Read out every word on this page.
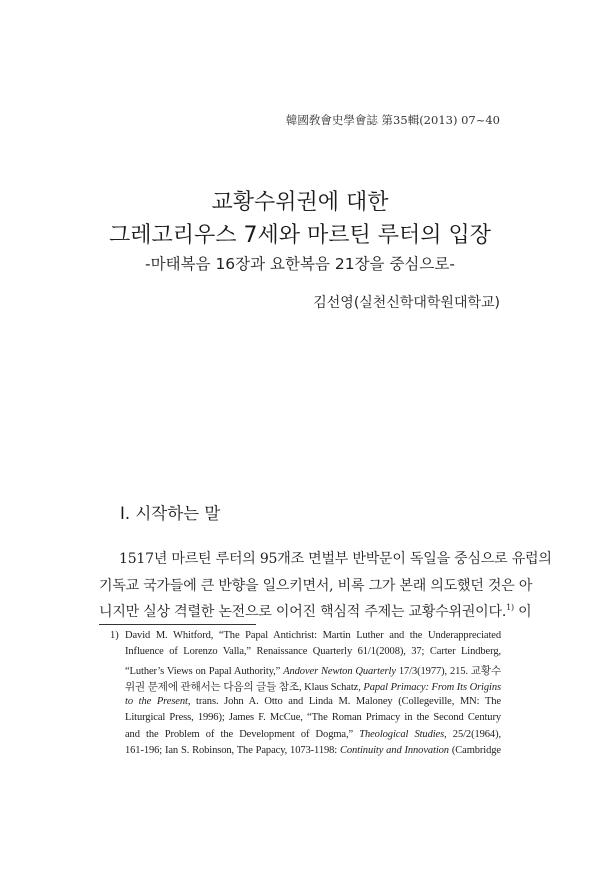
韓國敎會史學會誌 第35輯(2013) 07~40
교황수위권에 대한
그레고리우스 7세와 마르틴 루터의 입장
-마태복음 16장과 요한복음 21장을 중심으로-
김선영(실천신학대학원대학교)
I. 시작하는 말
1517년 마르틴 루터의 95개조 면벌부 반박문이 독일을 중심으로 유럽의
기독교 국가들에 큰 반향을 일으키면서, 비록 그가 본래 의도했던 것은 아
니지만 실상 격렬한 논전으로 이어진 핵심적 주제는 교황수위권이다.$^{1)}$ 이
1) David M. Whitford, “The Papal Antichrist: Martin Luther and the Underappreciated
Influence of Lorenzo Valla,” Renaissance Quarterly 61/1(2008), 37; Carter Lindberg,
“Luther’s Views on Papal Authority,” Andover Newton Quarterly 17/3(1977), 215. 교황수
위권 문제에 관해서는 다음의 글들 참조, Klaus Schatz, Papal Primacy: From Its Origins
to the Present, trans. John A. Otto and Linda M. Maloney (Collegeville, MN: The
Liturgical Press, 1996); James F. McCue, “The Roman Primacy in the Second Century
and the Problem of the Development of Dogma,” Theological Studies, 25/2(1964),
161-196; Ian S. Robinson, The Papacy, 1073-1198: Continuity and Innovation (Cambridge
